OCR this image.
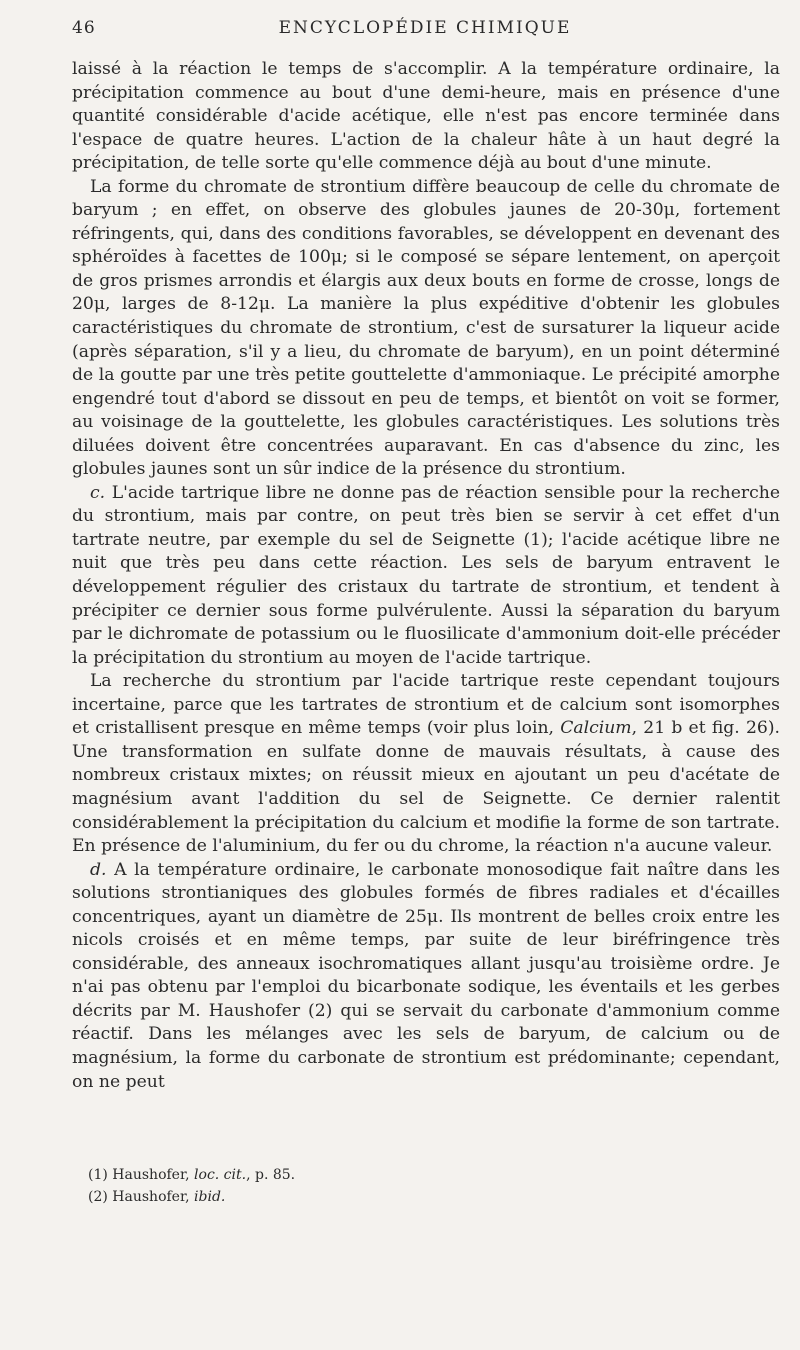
46	ENCYCLOPÉDIE CHIMIQUE

laissé à la réaction le temps de s'accomplir. A la température ordinaire, la précipitation commence au bout d'une demi-heure, mais en présence d'une quantité considérable d'acide acétique, elle n'est pas encore terminée dans l'espace de quatre heures. L'action de la chaleur hâte à un haut degré la précipitation, de telle sorte qu'elle commence déjà au bout d'une minute.

La forme du chromate de strontium diffère beaucoup de celle du chromate de baryum ; en effet, on observe des globules jaunes de 20-30μ, fortement réfringents, qui, dans des conditions favorables, se développent en devenant des sphéroïdes à facettes de 100μ; si le composé se sépare lentement, on aperçoit de gros prismes arrondis et élargis aux deux bouts en forme de crosse, longs de 20μ, larges de 8-12μ. La manière la plus expéditive d'obtenir les globules caractéristiques du chromate de strontium, c'est de sursaturer la liqueur acide (après séparation, s'il y a lieu, du chromate de baryum), en un point déterminé de la goutte par une très petite gouttelette d'ammoniaque. Le précipité amorphe engendré tout d'abord se dissout en peu de temps, et bientôt on voit se former, au voisinage de la gouttelette, les globules caractéristiques. Les solutions très diluées doivent être concentrées auparavant. En cas d'absence du zinc, les globules jaunes sont un sûr indice de la présence du strontium.

c. L'acide tartrique libre ne donne pas de réaction sensible pour la recherche du strontium, mais par contre, on peut très bien se servir à cet effet d'un tartrate neutre, par exemple du sel de Seignette (1); l'acide acétique libre ne nuit que très peu dans cette réaction. Les sels de baryum entravent le développement régulier des cristaux du tartrate de strontium, et tendent à précipiter ce dernier sous forme pulvérulente. Aussi la séparation du baryum par le dichromate de potassium ou le fluosilicate d'ammonium doit-elle précéder la précipitation du strontium au moyen de l'acide tartrique.

La recherche du strontium par l'acide tartrique reste cependant toujours incertaine, parce que les tartrates de strontium et de calcium sont isomorphes et cristallisent presque en même temps (voir plus loin, Calcium, 21 b et fig. 26). Une transformation en sulfate donne de mauvais résultats, à cause des nombreux cristaux mixtes; on réussit mieux en ajoutant un peu d'acétate de magnésium avant l'addition du sel de Seignette. Ce dernier ralentit considérablement la précipitation du calcium et modifie la forme de son tartrate. En présence de l'aluminium, du fer ou du chrome, la réaction n'a aucune valeur.

d. A la température ordinaire, le carbonate monosodique fait naître dans les solutions strontianiques des globules formés de fibres radiales et d'écailles concentriques, ayant un diamètre de 25μ. Ils montrent de belles croix entre les nicols croisés et en même temps, par suite de leur biréfringence très considérable, des anneaux isochromatiques allant jusqu'au troisième ordre. Je n'ai pas obtenu par l'emploi du bicarbonate sodique, les éventails et les gerbes décrits par M. Haushofer (2) qui se servait du carbonate d'ammonium comme réactif. Dans les mélanges avec les sels de baryum, de calcium ou de magnésium, la forme du carbonate de strontium est prédominante; cependant, on ne peut

(1) Haushofer, loc. cit., p. 85.

(2) Haushofer, ibid.
